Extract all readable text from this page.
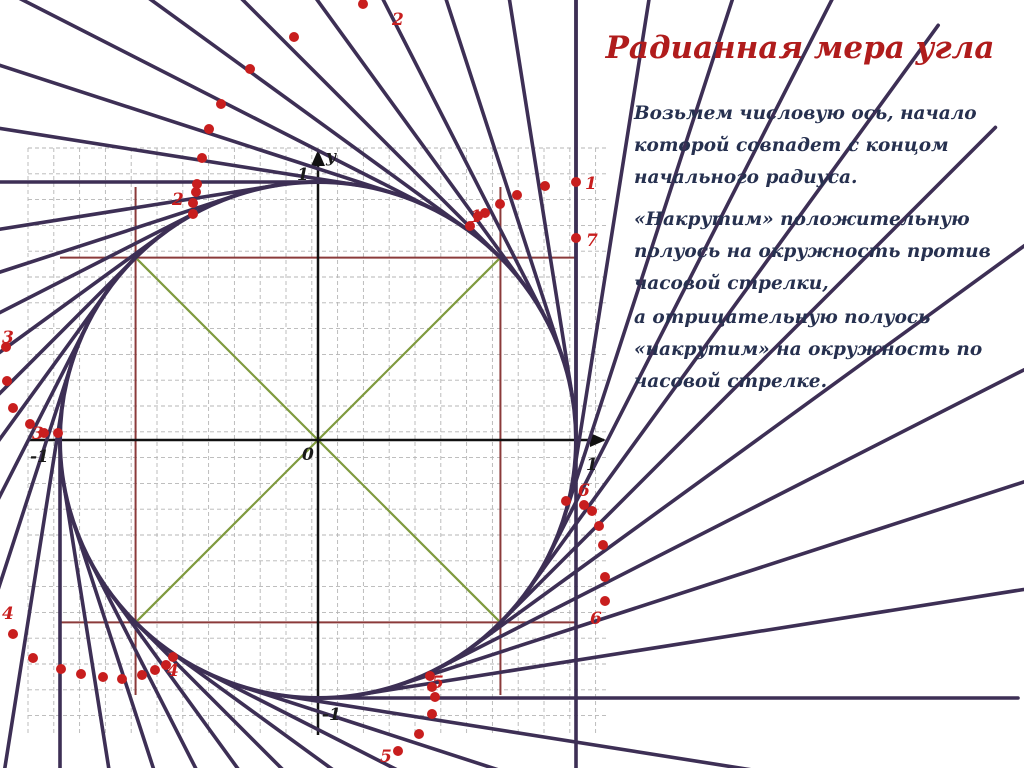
y
0	1
-1
1
-1
1
1
2
2
3
3
4
4
5
5
6
6
7
Радианная мера угла

Возьмем числовую ось, начало которой совпадет с концом начального радиуса.

«Накрутим» положительную полуось на окружность против часовой стрелки,

а отрицательную полуось «накрутим» на окружность по часовой стрелке.
